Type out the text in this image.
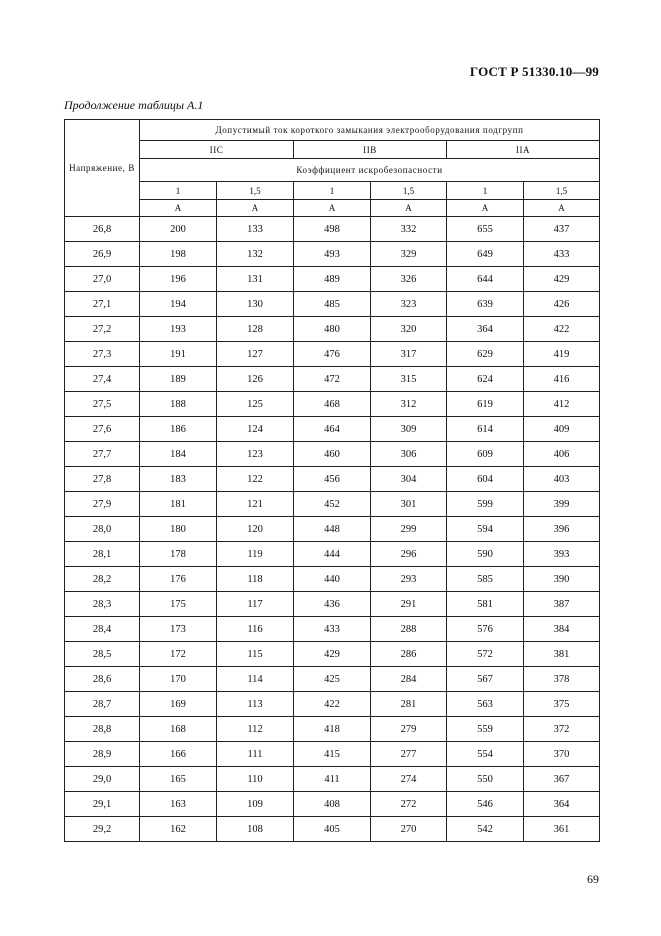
ГОСТ Р 51330.10—99
Продолжение таблицы А.1
Напряжение, В	Допустимый ток короткого замыкания электрооборудования подгрупп					
	IIС		IIВ		IIА	
	Коэффициент искробезопасности					
	1	1,5	1	1,5	1	1,5
	А	А	А	А	А	А
26,8	200	133	498	332	655	437
26,9	198	132	493	329	649	433
27,0	196	131	489	326	644	429
27,1	194	130	485	323	639	426
27,2	193	128	480	320	364	422
27,3	191	127	476	317	629	419
27,4	189	126	472	315	624	416
27,5	188	125	468	312	619	412
27,6	186	124	464	309	614	409
27,7	184	123	460	306	609	406
27,8	183	122	456	304	604	403
27,9	181	121	452	301	599	399
28,0	180	120	448	299	594	396
28,1	178	119	444	296	590	393
28,2	176	118	440	293	585	390
28,3	175	117	436	291	581	387
28,4	173	116	433	288	576	384
28,5	172	115	429	286	572	381
28,6	170	114	425	284	567	378
28,7	169	113	422	281	563	375
28,8	168	112	418	279	559	372
28,9	166	111	415	277	554	370
29,0	165	110	411	274	550	367
29,1	163	109	408	272	546	364
29,2	162	108	405	270	542	361
69
